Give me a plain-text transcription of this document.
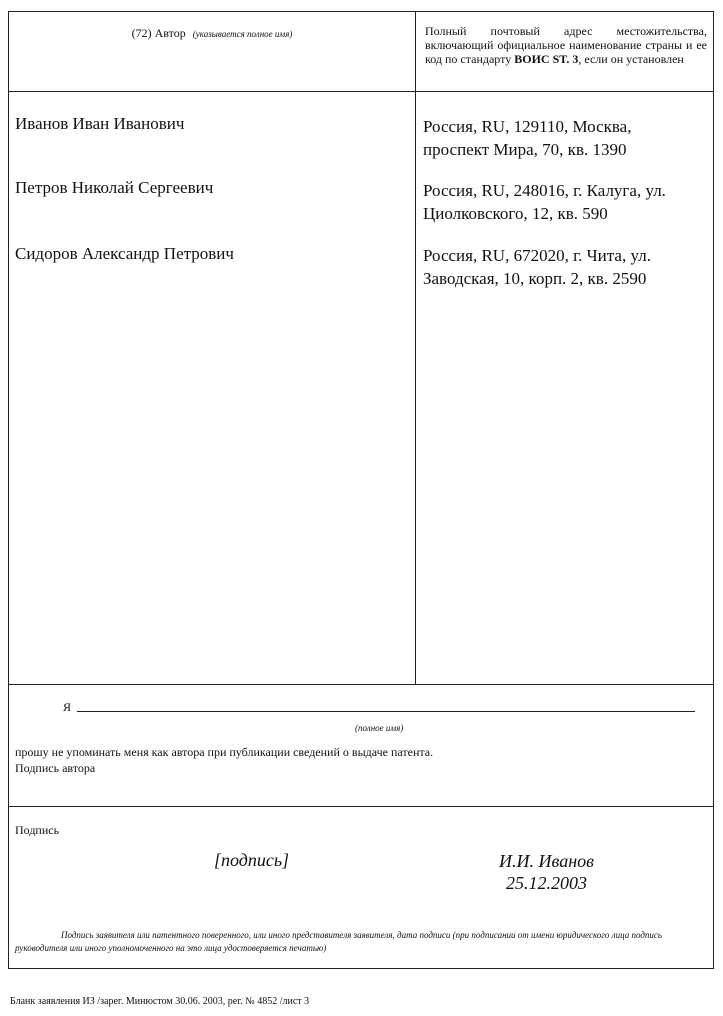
(72) Автор (указывается полное имя)	Полный почтовый адрес местожительства, включающий официальное наименование страны и ее код по стандарту ВОИС ST. 3, если он установлен
Иванов Иван Иванович	Россия, RU, 129110, Москва,
проспект Мира, 70, кв. 1390
Петров Николай Сергеевич	Россия, RU, 248016, г. Калуга, ул.
Циолковского, 12, кв. 590
Сидоров Александр Петрович	Россия, RU, 672020, г. Чита, ул.
Заводская, 10, корп. 2, кв. 2590
Я
(полное имя)
прошу не упоминать меня как автора при публикации сведений о выдаче патента.
Подпись автора
Подпись
[подпись]	И.И. Иванов
25.12.2003
Подпись заявителя или патентного поверенного, или иного представителя заявителя, дата подписи (при подписании от имени юридического лица подпись руководителя или иного уполномоченного на это лица удостоверяется печатью)
Бланк заявления ИЗ /зарег. Минюстом 30.06. 2003, рег. № 4852 /лист 3
